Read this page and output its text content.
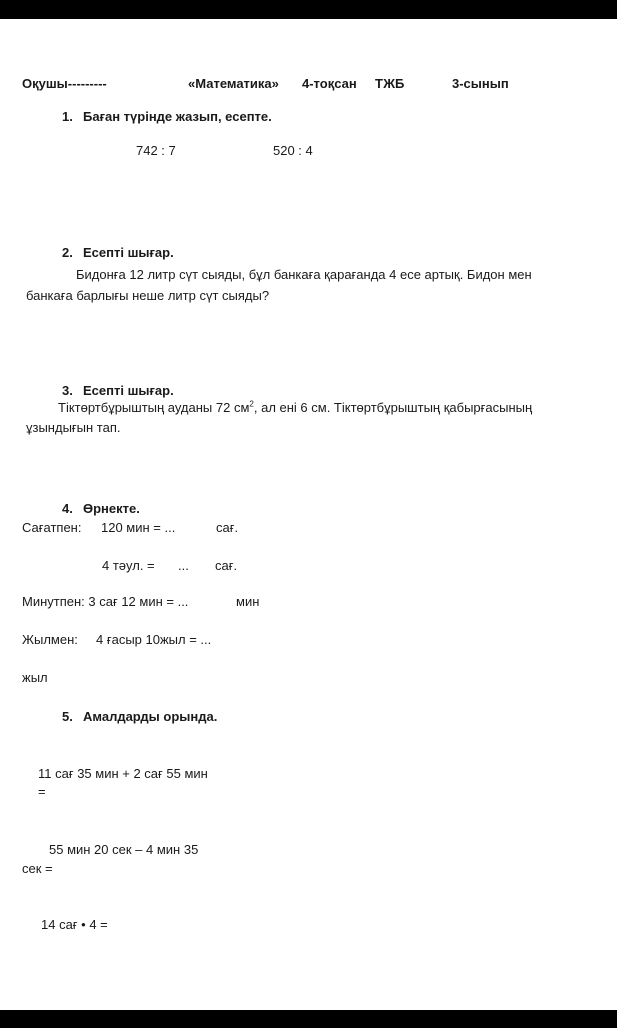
Оқушы---------	«Математика» 4-тоқсан ТЖБ	3-сынып
1. Баған түрінде жазып, есепте.
742 : 7	520 : 4
2. Есепті шығар.
Бидонға 12 литр сүт сыяды, бұл банкаға қарағанда 4 есе артық. Бидон мен
банкаға барлығы неше литр сүт сыяды?
3. Есепті шығар.
Тіктөртбұрыштың ауданы 72 $см^2$, ал ені 6 см. Тіктөртбұрыштың қабырғасының
ұзындығын тап.
4. Өрнекте.
Сағатпен: 120 мин = ...	сағ.
4 тәул. = ... сағ.
Минутпен: 3 сағ 12 мин = ...	мин
Жылмен: 4 ғасыр 10жыл = ...
жыл
5. Амалдарды орында.
11 сағ 35 мин + 2 сағ 55 мин
=
55 мин 20 сек – 4 мин 35
сек =
14 сағ • 4 =
